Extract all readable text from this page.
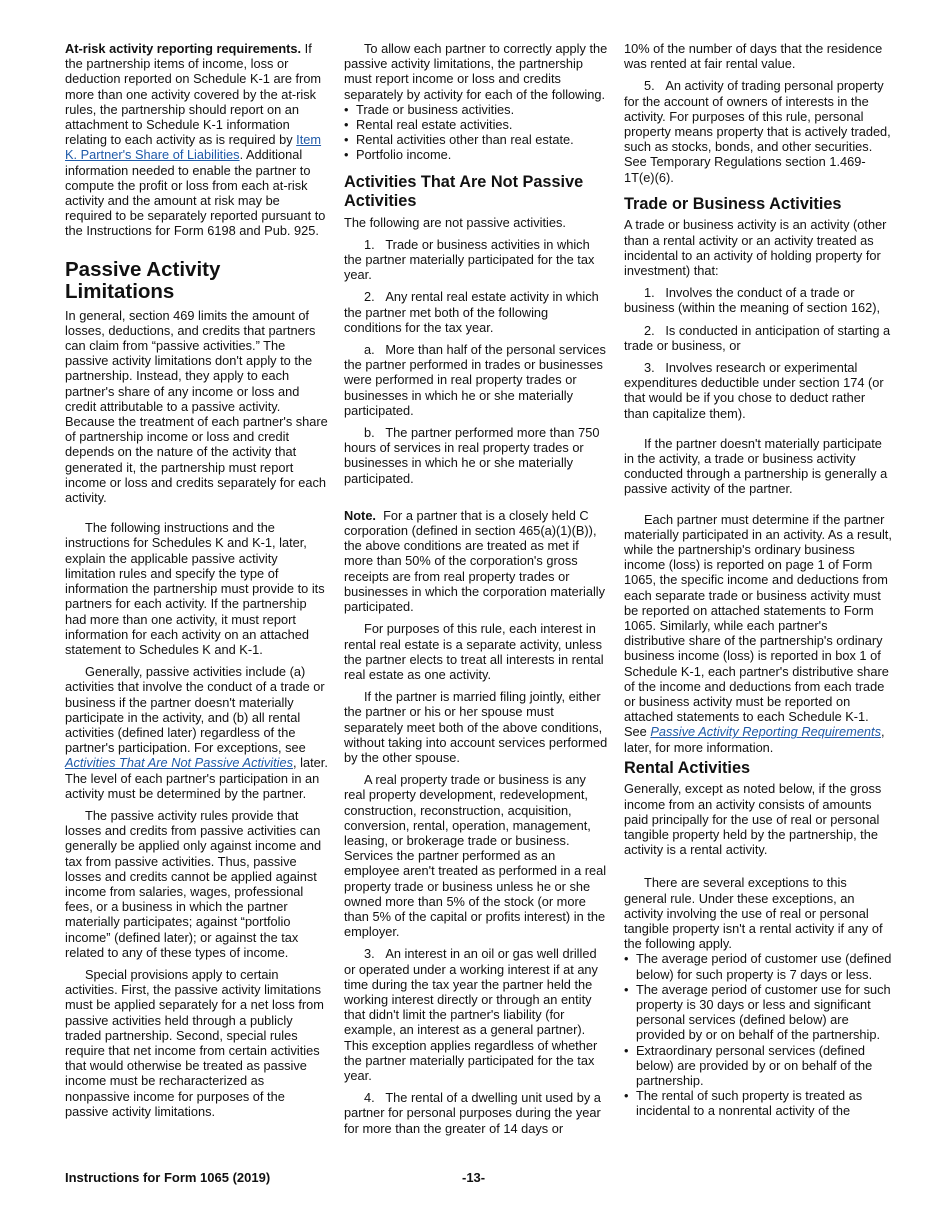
At-risk activity reporting requirements. If the partnership items of income, loss or deduction reported on Schedule K-1 are from more than one activity covered by the at-risk rules, the partnership should report on an attachment to Schedule K-1 information relating to each activity as is required by Item K. Partner's Share of Liabilities. Additional information needed to enable the partner to compute the profit or loss from each at-risk activity and the amount at risk may be required to be separately reported pursuant to the Instructions for Form 6198 and Pub. 925.

Passive Activity Limitations

In general, section 469 limits the amount of losses, deductions, and credits that partners can claim from “passive activities.” The passive activity limitations don't apply to the partnership. Instead, they apply to each partner's share of any income or loss and credit attributable to a passive activity. Because the treatment of each partner's share of partnership income or loss and credit depends on the nature of the activity that generated it, the partnership must report income or loss and credits separately for each activity.

The following instructions and the instructions for Schedules K and K-1, later, explain the applicable passive activity limitation rules and specify the type of information the partnership must provide to its partners for each activity. If the partnership had more than one activity, it must report information for each activity on an attached statement to Schedules K and K-1.

Generally, passive activities include (a) activities that involve the conduct of a trade or business if the partner doesn't materially participate in the activity, and (b) all rental activities (defined later) regardless of the partner's participation. For exceptions, see Activities That Are Not Passive Activities, later. The level of each partner's participation in an activity must be determined by the partner.

The passive activity rules provide that losses and credits from passive activities can generally be applied only against income and tax from passive activities. Thus, passive losses and credits cannot be applied against income from salaries, wages, professional fees, or a business in which the partner materially participates; against “portfolio income” (defined later); or against the tax related to any of these types of income.

Special provisions apply to certain activities. First, the passive activity limitations must be applied separately for a net loss from passive activities held through a publicly traded partnership. Second, special rules require that net income from certain activities that would otherwise be treated as passive income must be recharacterized as nonpassive income for purposes of the passive activity limitations.

To allow each partner to correctly apply the passive activity limitations, the partnership must report income or loss and credits separately by activity for each of the following.

• Trade or business activities.
• Rental real estate activities.
• Rental activities other than real estate.
• Portfolio income.
Activities That Are Not Passive Activities

The following are not passive activities.

1.   Trade or business activities in which the partner materially participated for the tax year.

2.   Any rental real estate activity in which the partner met both of the following conditions for the tax year.

a.   More than half of the personal services the partner performed in trades or businesses were performed in real property trades or businesses in which he or she materially participated.

b.   The partner performed more than 750 hours of services in real property trades or businesses in which he or she materially participated.

Note.  For a partner that is a closely held C corporation (defined in section 465(a)(1)(B)), the above conditions are treated as met if more than 50% of the corporation's gross receipts are from real property trades or businesses in which the corporation materially participated.

For purposes of this rule, each interest in rental real estate is a separate activity, unless the partner elects to treat all interests in rental real estate as one activity.

If the partner is married filing jointly, either the partner or his or her spouse must separately meet both of the above conditions, without taking into account services performed by the other spouse.

A real property trade or business is any real property development, redevelopment, construction, reconstruction, acquisition, conversion, rental, operation, management, leasing, or brokerage trade or business. Services the partner performed as an employee aren't treated as performed in a real property trade or business unless he or she owned more than 5% of the stock (or more than 5% of the capital or profits interest) in the employer.

3.   An interest in an oil or gas well drilled or operated under a working interest if at any time during the tax year the partner held the working interest directly or through an entity that didn't limit the partner's liability (for example, an interest as a general partner). This exception applies regardless of whether the partner materially participated for the tax year.

4.   The rental of a dwelling unit used by a partner for personal purposes during the year for more than the greater of 14 days or

10% of the number of days that the residence was rented at fair rental value.

5.   An activity of trading personal property for the account of owners of interests in the activity. For purposes of this rule, personal property means property that is actively traded, such as stocks, bonds, and other securities. See Temporary Regulations section 1.469-1T(e)(6).

Trade or Business Activities

A trade or business activity is an activity (other than a rental activity or an activity treated as incidental to an activity of holding property for investment) that:

1.   Involves the conduct of a trade or business (within the meaning of section 162),

2.   Is conducted in anticipation of starting a trade or business, or

3.   Involves research or experimental expenditures deductible under section 174 (or that would be if you chose to deduct rather than capitalize them).

If the partner doesn't materially participate in the activity, a trade or business activity conducted through a partnership is generally a passive activity of the partner.

Each partner must determine if the partner materially participated in an activity. As a result, while the partnership's ordinary business income (loss) is reported on page 1 of Form 1065, the specific income and deductions from each separate trade or business activity must be reported on attached statements to Form 1065. Similarly, while each partner's distributive share of the partnership's ordinary business income (loss) is reported in box 1 of Schedule K-1, each partner's distributive share of the income and deductions from each trade or business activity must be reported on attached statements to each Schedule K-1. See Passive Activity Reporting Requirements, later, for more information.

Rental Activities

Generally, except as noted below, if the gross income from an activity consists of amounts paid principally for the use of real or personal tangible property held by the partnership, the activity is a rental activity.

There are several exceptions to this general rule. Under these exceptions, an activity involving the use of real or personal tangible property isn't a rental activity if any of the following apply.

• The average period of customer use (defined below) for such property is 7 days or less.
• The average period of customer use for such property is 30 days or less and significant personal services (defined below) are provided by or on behalf of the partnership.
• Extraordinary personal services (defined below) are provided by or on behalf of the partnership.
• The rental of such property is treated as incidental to a nonrental activity of the
Instructions for Form 1065 (2019)	-13-
